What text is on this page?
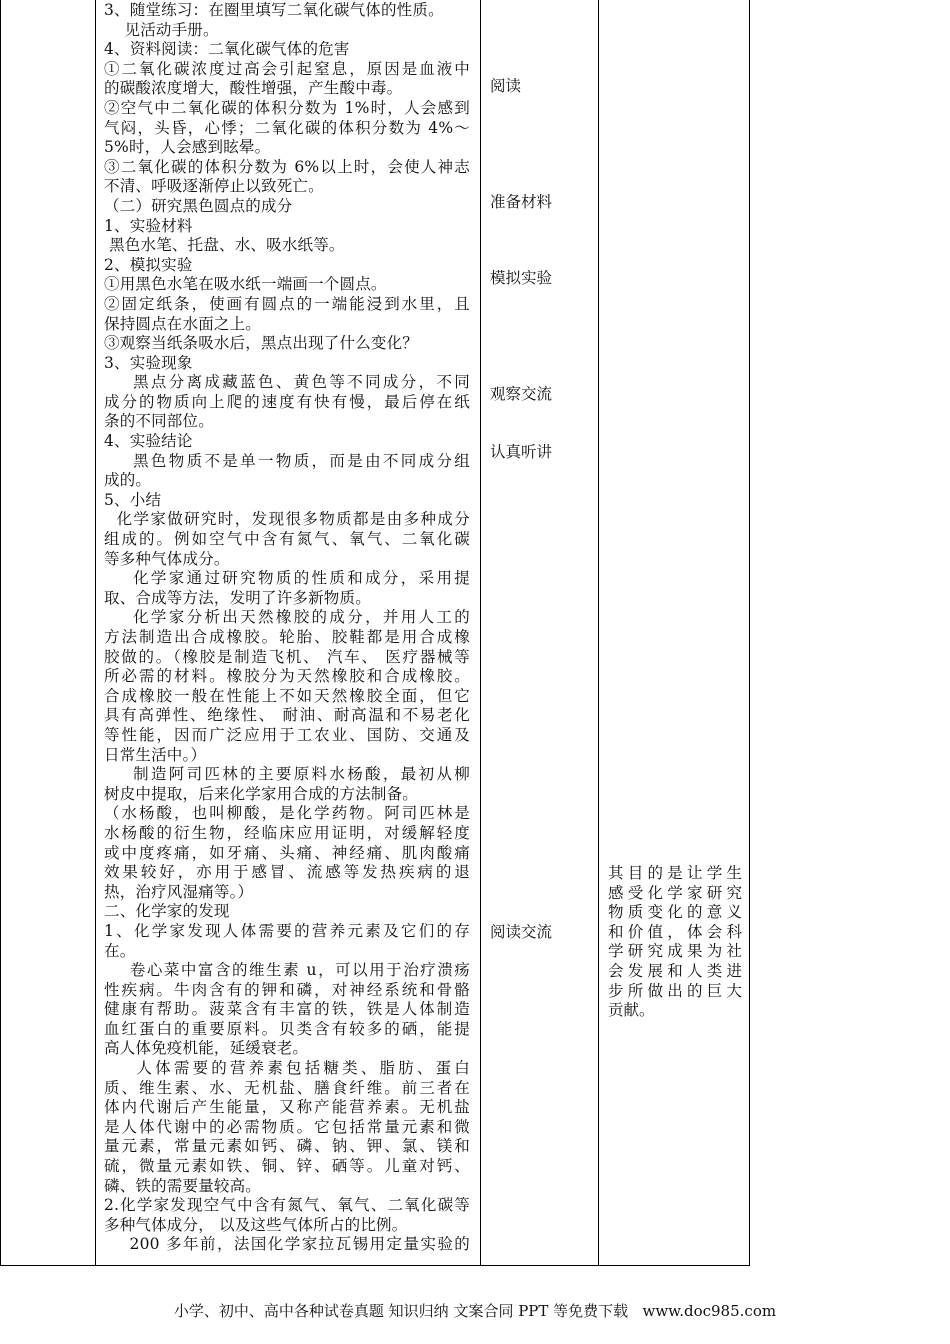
3、随堂练习：在圈里填写二氧化碳气体的性质。
见活动手册。
4、资料阅读：二氧化碳气体的危害
①二氧化碳浓度过高会引起窒息，原因是血液中
的碳酸浓度增大，酸性增强，产生酸中毒。
②空气中二氧化碳的体积分数为 1%时，人会感到
气闷，头昏，心悸；二氧化碳的体积分数为 4%～
5%时，人会感到眩晕。
③二氧化碳的体积分数为 6%以上时，会使人神志
不清、呼吸逐渐停止以致死亡。
（二）研究黑色圆点的成分
1、实验材料
黑色水笔、托盘、水、吸水纸等。
2、模拟实验
①用黑色水笔在吸水纸一端画一个圆点。
②固定纸条，使画有圆点的一端能浸到水里，且
保持圆点在水面之上。
③观察当纸条吸水后，黑点出现了什么变化？
3、实验现象
黑点分离成藏蓝色、黄色等不同成分，不同
成分的物质向上爬的速度有快有慢，最后停在纸
条的不同部位。
4、实验结论
黑色物质不是单一物质，而是由不同成分组
成的。
5、小结
化学家做研究时，发现很多物质都是由多种成分
组成的。例如空气中含有氮气、氧气、二氧化碳
等多种气体成分。
化学家通过研究物质的性质和成分，采用提
取、合成等方法，发明了许多新物质。
化学家分析出天然橡胶的成分，并用人工的
方法制造出合成橡胶。轮胎、胶鞋都是用合成橡
胶做的。（橡胶是制造飞机、 汽车、 医疗器械等
所必需的材料。橡胶分为天然橡胶和合成橡胶。
合成橡胶一般在性能上不如天然橡胶全面，但它
具有高弹性、绝缘性、 耐油、耐高温和不易老化
等性能，因而广泛应用于工农业、国防、交通及
日常生活中。）
制造阿司匹林的主要原料水杨酸，最初从柳
树皮中提取，后来化学家用合成的方法制备。
（水杨酸，也叫柳酸，是化学药物。阿司匹林是
水杨酸的衍生物，经临床应用证明，对缓解轻度
或中度疼痛，如牙痛、头痛、神经痛、肌肉酸痛
效果较好，亦用于感冒、流感等发热疾病的退
热，治疗风湿痛等。）
二、化学家的发现
1、化学家发现人体需要的营养元素及它们的存
在。
卷心菜中富含的维生素 u，可以用于治疗溃疡
性疾病。牛肉含有的钾和磷，对神经系统和骨骼
健康有帮助。菠菜含有丰富的铁，铁是人体制造
血红蛋白的重要原料。贝类含有较多的硒，能提
高人体免疫机能，延缓衰老。
人体需要的营养素包括糖类、脂肪、蛋白
质、维生素、水、无机盐、膳食纤维。前三者在
体内代谢后产生能量，又称产能营养素。无机盐
是人体代谢中的必需物质。它包括常量元素和微
量元素，常量元素如钙、磷、钠、钾、氯、镁和
硫，微量元素如铁、铜、锌、硒等。儿童对钙、
磷、铁的需要量较高。
2.化学家发现空气中含有氮气、氧气、二氧化碳等
多种气体成分， 以及这些气体所占的比例。
200 多年前，法国化学家拉瓦锡用定量实验的
阅读
准备材料
模拟实验
观察交流
认真听讲
阅读交流
其目的是让学生
感受化学家研究
物质变化的意义
和价值，体会科
学研究成果为社
会发展和人类进
步所做出的巨大
贡献。
小学、初中、高中各种试卷真题 知识归纳 文案合同 PPT 等免费下载   www.doc985.com
